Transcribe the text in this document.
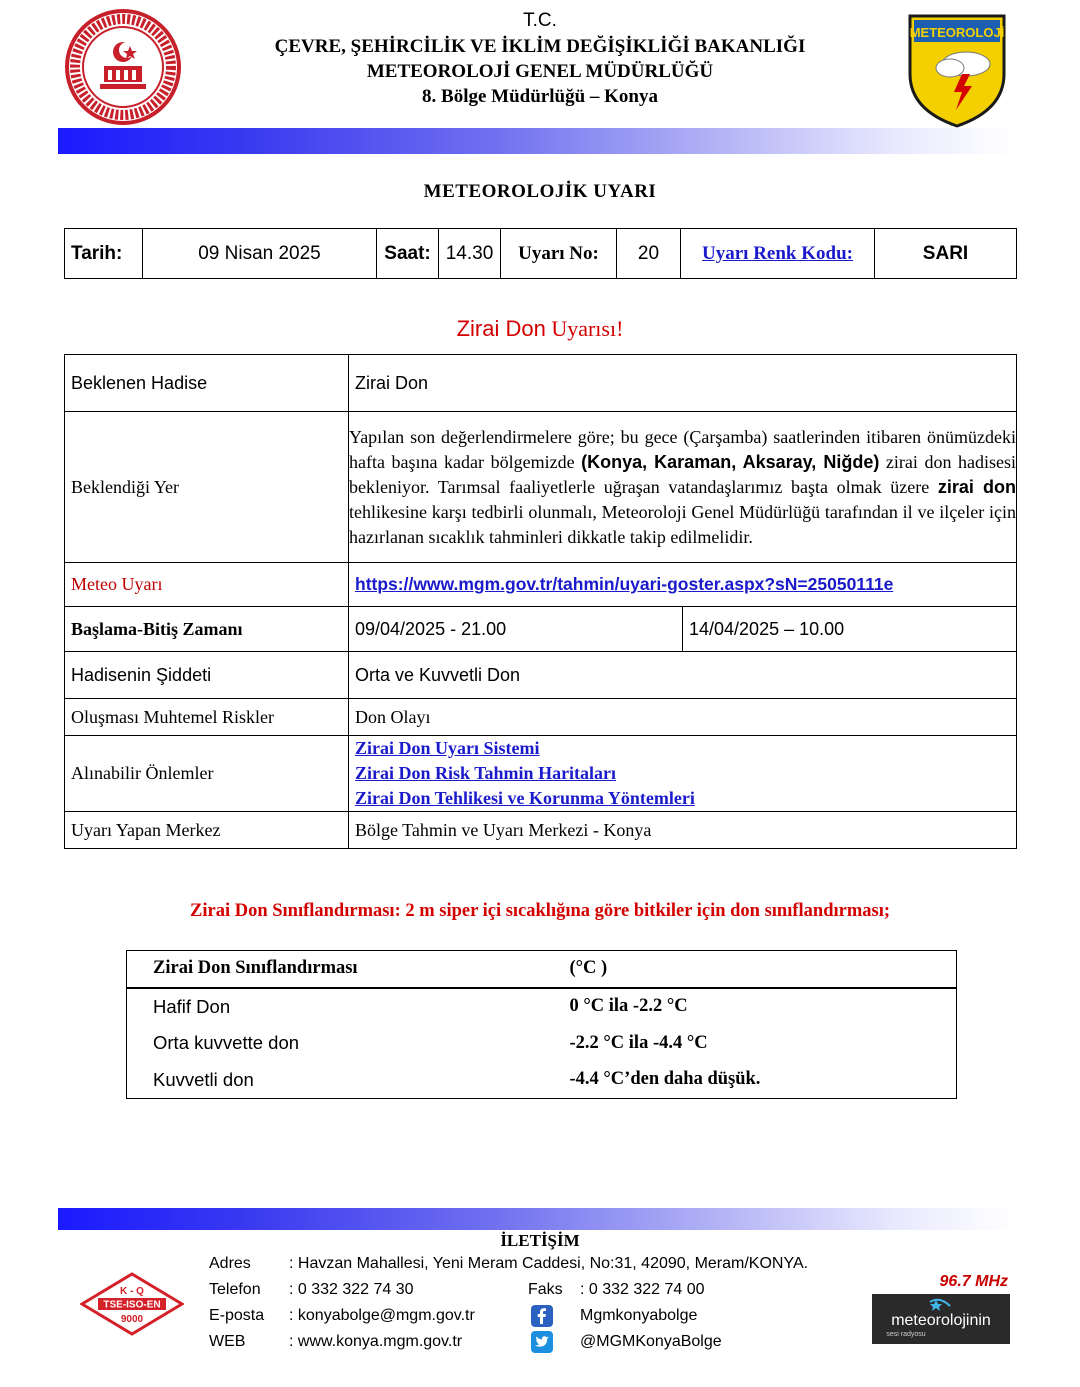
T.C.
ÇEVRE, ŞEHİRCİLİK VE İKLİM DEĞİŞİKLİĞİ BAKANLIĞI
METEOROLOJİ GENEL MÜDÜRLÜĞÜ
8. Bölge Müdürlüğü – Konya
METEOROLOJİ
METEOROLOJİK UYARI
Tarih:	09 Nisan 2025	Saat:	14.30	Uyarı No:	20	Uyarı Renk Kodu:	SARI
Zirai Don Uyarısı!
Beklenen Hadise	Zirai Don	
Beklendiği Yer	Yapılan son değerlendirmelere göre; bu gece (Çarşamba) saatlerinden itibaren önümüzdeki hafta başına kadar bölgemizde (Konya, Karaman, Aksaray, Niğde) zirai don hadisesi bekleniyor. Tarımsal faaliyetlerle uğraşan vatandaşlarımız başta olmak üzere zirai don tehlikesine karşı tedbirli olunmalı, Meteoroloji Genel Müdürlüğü tarafından il ve ilçeler için hazırlanan sıcaklık tahminleri dikkatle takip edilmelidir.	
Meteo Uyarı	https://www.mgm.gov.tr/tahmin/uyari-goster.aspx?sN=25050111e	
Başlama-Bitiş Zamanı	09/04/2025 - 21.00	14/04/2025 – 10.00
Hadisenin Şiddeti	Orta ve Kuvvetli Don	
Oluşması Muhtemel Riskler	Don Olayı	
Alınabilir Önlemler	Zirai Don Uyarı Sistemi
Zirai Don Risk Tahmin Haritaları
Zirai Don Tehlikesi ve Korunma Yöntemleri	

Uyarı Yapan Merkez	Bölge Tahmin ve Uyarı Merkezi - Konya	
Zirai Don Sınıflandırması: 2 m siper içi sıcaklığına göre bitkiler için don sınıflandırması;
Zirai Don Sınıflandırması	(°C )
Hafif Don	0 °C ila -2.2 °C
Orta kuvvette don	-2.2 °C ila -4.4 °C
Kuvvetli don	-4.4 °C’den daha düşük.
İLETİŞİM
Adres : Havzan Mahallesi, Yeni Meram Caddesi, No:31, 42090, Meram/KONYA.
Telefon : 0 332 322 74 30	Faks : 0 332 322 74 00
E-posta : konyabolge@mgm.gov.tr	Mgmkonyabolge
WEB	: www.konya.mgm.gov.tr	@MGMKonyaBolge
K - Q
TSE-ISO-EN
9000
96.7 MHz
meteorolojinin
sesi radyosu
